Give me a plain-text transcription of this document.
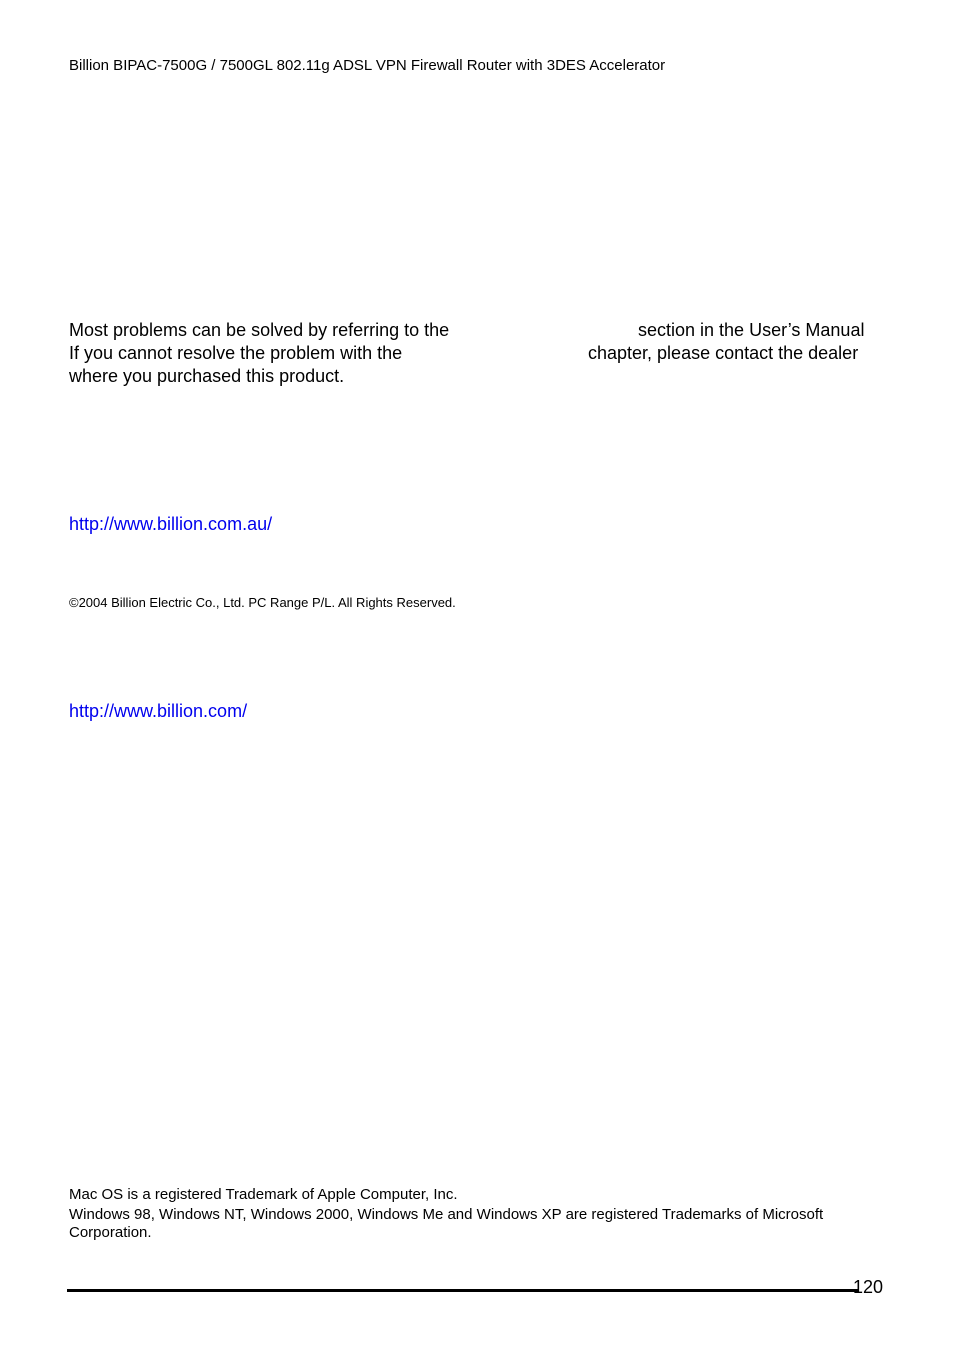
Billion BIPAC-7500G / 7500GL 802.11g ADSL VPN Firewall Router with 3DES Accelerator
Most problems can be solved by referring to the	section in the User’s Manual
If you cannot resolve the problem with the	chapter, please contact the dealer
where you purchased this product.
http://www.billion.com.au/
©2004 Billion Electric Co., Ltd. PC Range P/L. All Rights Reserved.
http://www.billion.com/
Mac OS is a registered Trademark of Apple Computer, Inc.
Windows 98, Windows NT, Windows 2000, Windows Me and Windows XP are registered Trademarks of Microsoft
Corporation.
120
